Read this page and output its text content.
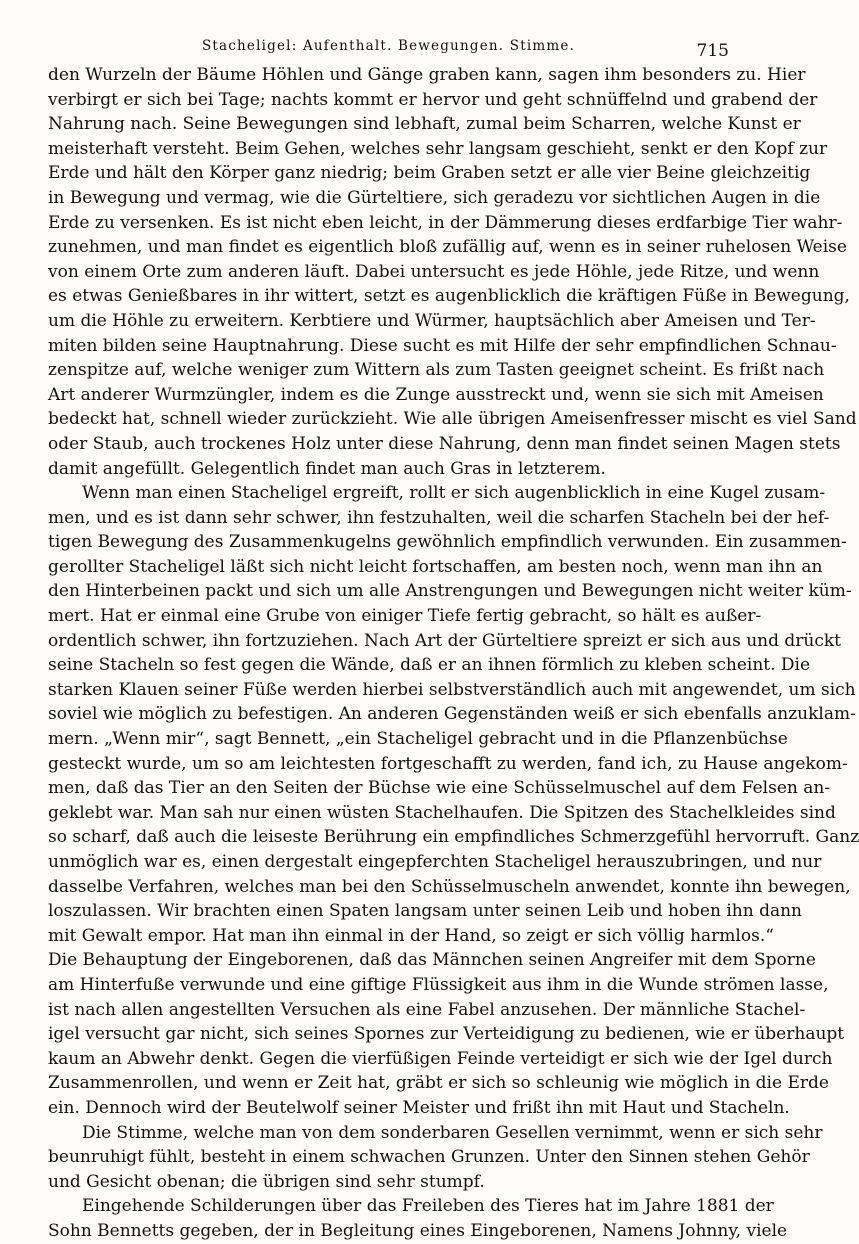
Stacheligel: Aufenthalt. Bewegungen. Stimme.	715
den Wurzeln der Bäume Höhlen und Gänge graben kann, sagen ihm besonders zu. Hier
verbirgt er sich bei Tage; nachts kommt er hervor und geht schnüffelnd und grabend der
Nahrung nach. Seine Bewegungen sind lebhaft, zumal beim Scharren, welche Kunst er
meisterhaft versteht. Beim Gehen, welches sehr langsam geschieht, senkt er den Kopf zur
Erde und hält den Körper ganz niedrig; beim Graben setzt er alle vier Beine gleichzeitig
in Bewegung und vermag, wie die Gürteltiere, sich geradezu vor sichtlichen Augen in die
Erde zu versenken. Es ist nicht eben leicht, in der Dämmerung dieses erdfarbige Tier wahr-
zunehmen, und man findet es eigentlich bloß zufällig auf, wenn es in seiner ruhelosen Weise
von einem Orte zum anderen läuft. Dabei untersucht es jede Höhle, jede Ritze, und wenn
es etwas Genießbares in ihr wittert, setzt es augenblicklich die kräftigen Füße in Bewegung,
um die Höhle zu erweitern. Kerbtiere und Würmer, hauptsächlich aber Ameisen und Ter-
miten bilden seine Hauptnahrung. Diese sucht es mit Hilfe der sehr empfindlichen Schnau-
zenspitze auf, welche weniger zum Wittern als zum Tasten geeignet scheint. Es frißt nach
Art anderer Wurmzüngler, indem es die Zunge ausstreckt und, wenn sie sich mit Ameisen
bedeckt hat, schnell wieder zurückzieht. Wie alle übrigen Ameisenfresser mischt es viel Sand
oder Staub, auch trockenes Holz unter diese Nahrung, denn man findet seinen Magen stets
damit angefüllt. Gelegentlich findet man auch Gras in letzterem.
Wenn man einen Stacheligel ergreift, rollt er sich augenblicklich in eine Kugel zusam-
men, und es ist dann sehr schwer, ihn festzuhalten, weil die scharfen Stacheln bei der hef-
tigen Bewegung des Zusammenkugelns gewöhnlich empfindlich verwunden. Ein zusammen-
gerollter Stacheligel läßt sich nicht leicht fortschaffen, am besten noch, wenn man ihn an
den Hinterbeinen packt und sich um alle Anstrengungen und Bewegungen nicht weiter küm-
mert. Hat er einmal eine Grube von einiger Tiefe fertig gebracht, so hält es außer-
ordentlich schwer, ihn fortzuziehen. Nach Art der Gürteltiere spreizt er sich aus und drückt
seine Stacheln so fest gegen die Wände, daß er an ihnen förmlich zu kleben scheint. Die
starken Klauen seiner Füße werden hierbei selbstverständlich auch mit angewendet, um sich
soviel wie möglich zu befestigen. An anderen Gegenständen weiß er sich ebenfalls anzuklam-
mern. „Wenn mir“, sagt Bennett, „ein Stacheligel gebracht und in die Pflanzenbüchse
gesteckt wurde, um so am leichtesten fortgeschafft zu werden, fand ich, zu Hause angekom-
men, daß das Tier an den Seiten der Büchse wie eine Schüsselmuschel auf dem Felsen an-
geklebt war. Man sah nur einen wüsten Stachelhaufen. Die Spitzen des Stachelkleides sind
so scharf, daß auch die leiseste Berührung ein empfindliches Schmerzgefühl hervorruft. Ganz
unmöglich war es, einen dergestalt eingepferchten Stacheligel herauszubringen, und nur
dasselbe Verfahren, welches man bei den Schüsselmuscheln anwendet, konnte ihn bewegen,
loszulassen. Wir brachten einen Spaten langsam unter seinen Leib und hoben ihn dann
mit Gewalt empor. Hat man ihn einmal in der Hand, so zeigt er sich völlig harmlos.“
Die Behauptung der Eingeborenen, daß das Männchen seinen Angreifer mit dem Sporne
am Hinterfuße verwunde und eine giftige Flüssigkeit aus ihm in die Wunde strömen lasse,
ist nach allen angestellten Versuchen als eine Fabel anzusehen. Der männliche Stachel-
igel versucht gar nicht, sich seines Spornes zur Verteidigung zu bedienen, wie er überhaupt
kaum an Abwehr denkt. Gegen die vierfüßigen Feinde verteidigt er sich wie der Igel durch
Zusammenrollen, und wenn er Zeit hat, gräbt er sich so schleunig wie möglich in die Erde
ein. Dennoch wird der Beutelwolf seiner Meister und frißt ihn mit Haut und Stacheln.
Die Stimme, welche man von dem sonderbaren Gesellen vernimmt, wenn er sich sehr
beunruhigt fühlt, besteht in einem schwachen Grunzen. Unter den Sinnen stehen Gehör
und Gesicht obenan; die übrigen sind sehr stumpf.
Eingehende Schilderungen über das Freileben des Tieres hat im Jahre 1881 der
Sohn Bennetts gegeben, der in Begleitung eines Eingeborenen, Namens Johnny, viele
